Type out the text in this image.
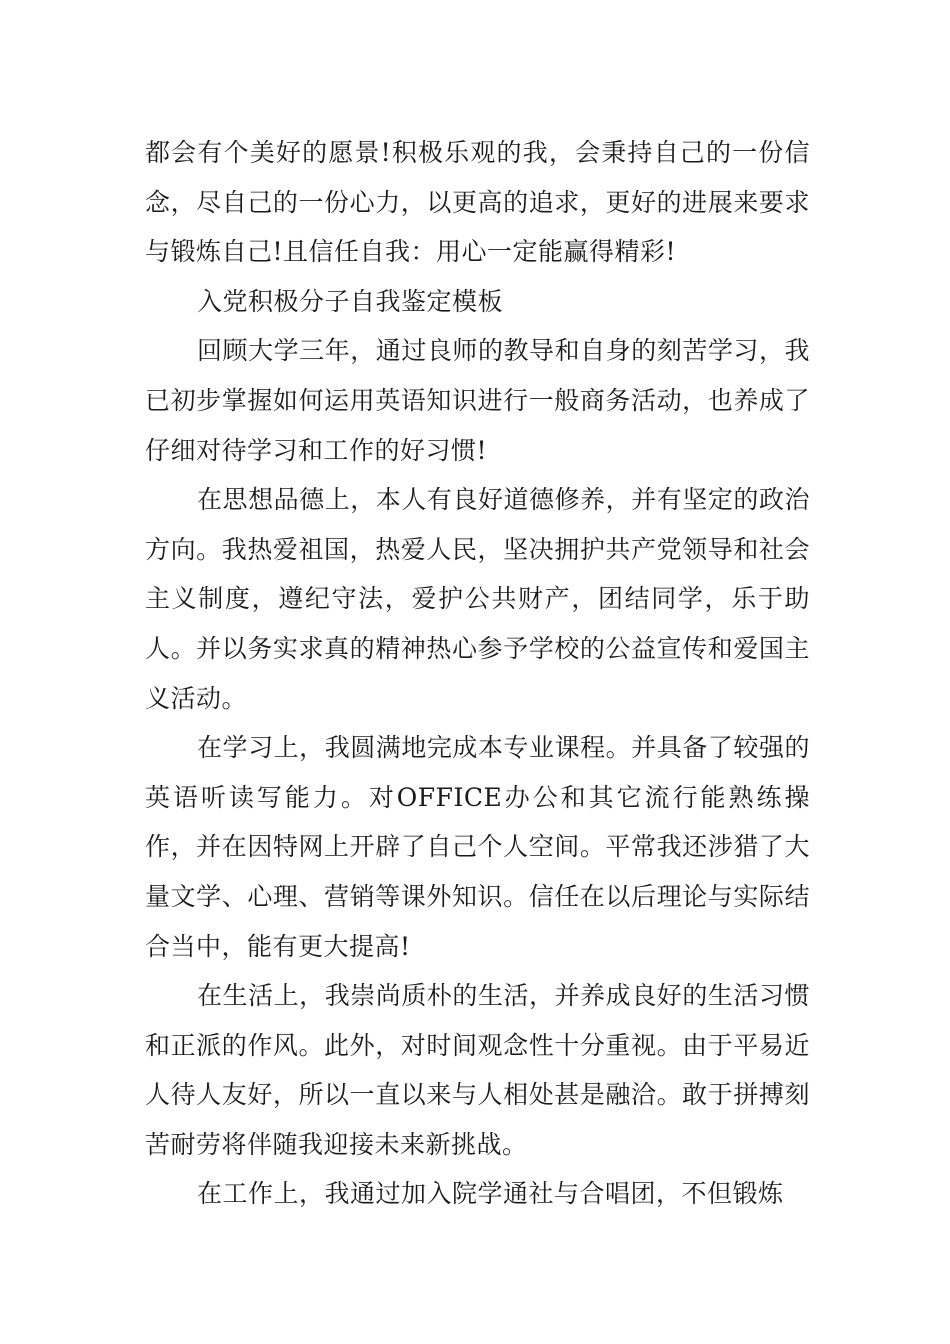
都会有个美好的愿景!积极乐观的我，会秉持自己的一份信念，尽自己的一份心力，以更高的追求，更好的进展来要求与锻炼自己!且信任自我：用心一定能赢得精彩!

入党积极分子自我鉴定模板

回顾大学三年，通过良师的教导和自身的刻苦学习，我已初步掌握如何运用英语知识进行一般商务活动，也养成了仔细对待学习和工作的好习惯!

在思想品德上，本人有良好道德修养，并有坚定的政治方向。我热爱祖国，热爱人民，坚决拥护共产党领导和社会主义制度，遵纪守法，爱护公共财产，团结同学，乐于助人。并以务实求真的精神热心参予学校的公益宣传和爱国主义活动。

在学习上，我圆满地完成本专业课程。并具备了较强的英语听读写能力。对OFFICE办公和其它流行能熟练操作，并在因特网上开辟了自己个人空间。平常我还涉猎了大量文学、心理、营销等课外知识。信任在以后理论与实际结合当中，能有更大提高!

在生活上，我崇尚质朴的生活，并养成良好的生活习惯和正派的作风。此外，对时间观念性十分重视。由于平易近人待人友好，所以一直以来与人相处甚是融洽。敢于拼搏刻苦耐劳将伴随我迎接未来新挑战。

在工作上，我通过加入院学通社与合唱团，不但锻炼
